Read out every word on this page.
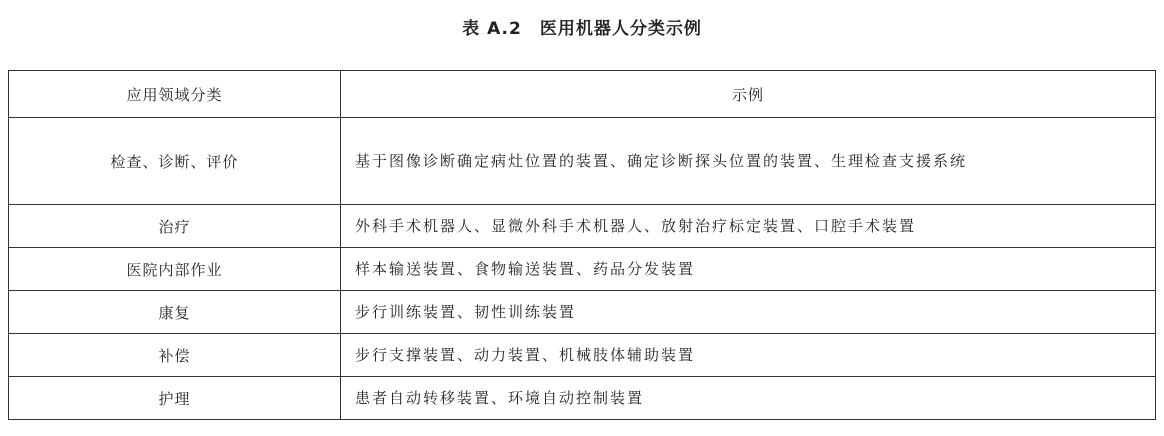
表 A.2 医用机器人分类示例
应用领域分类	示例
检查、诊断、评价	基于图像诊断确定病灶位置的装置、确定诊断探头位置的装置、生理检查支援系统
治疗	外科手术机器人、显微外科手术机器人、放射治疗标定装置、口腔手术装置
医院内部作业	样本输送装置、食物输送装置、药品分发装置
康复	步行训练装置、韧性训练装置
补偿	步行支撑装置、动力装置、机械肢体辅助装置
护理	患者自动转移装置、环境自动控制装置
